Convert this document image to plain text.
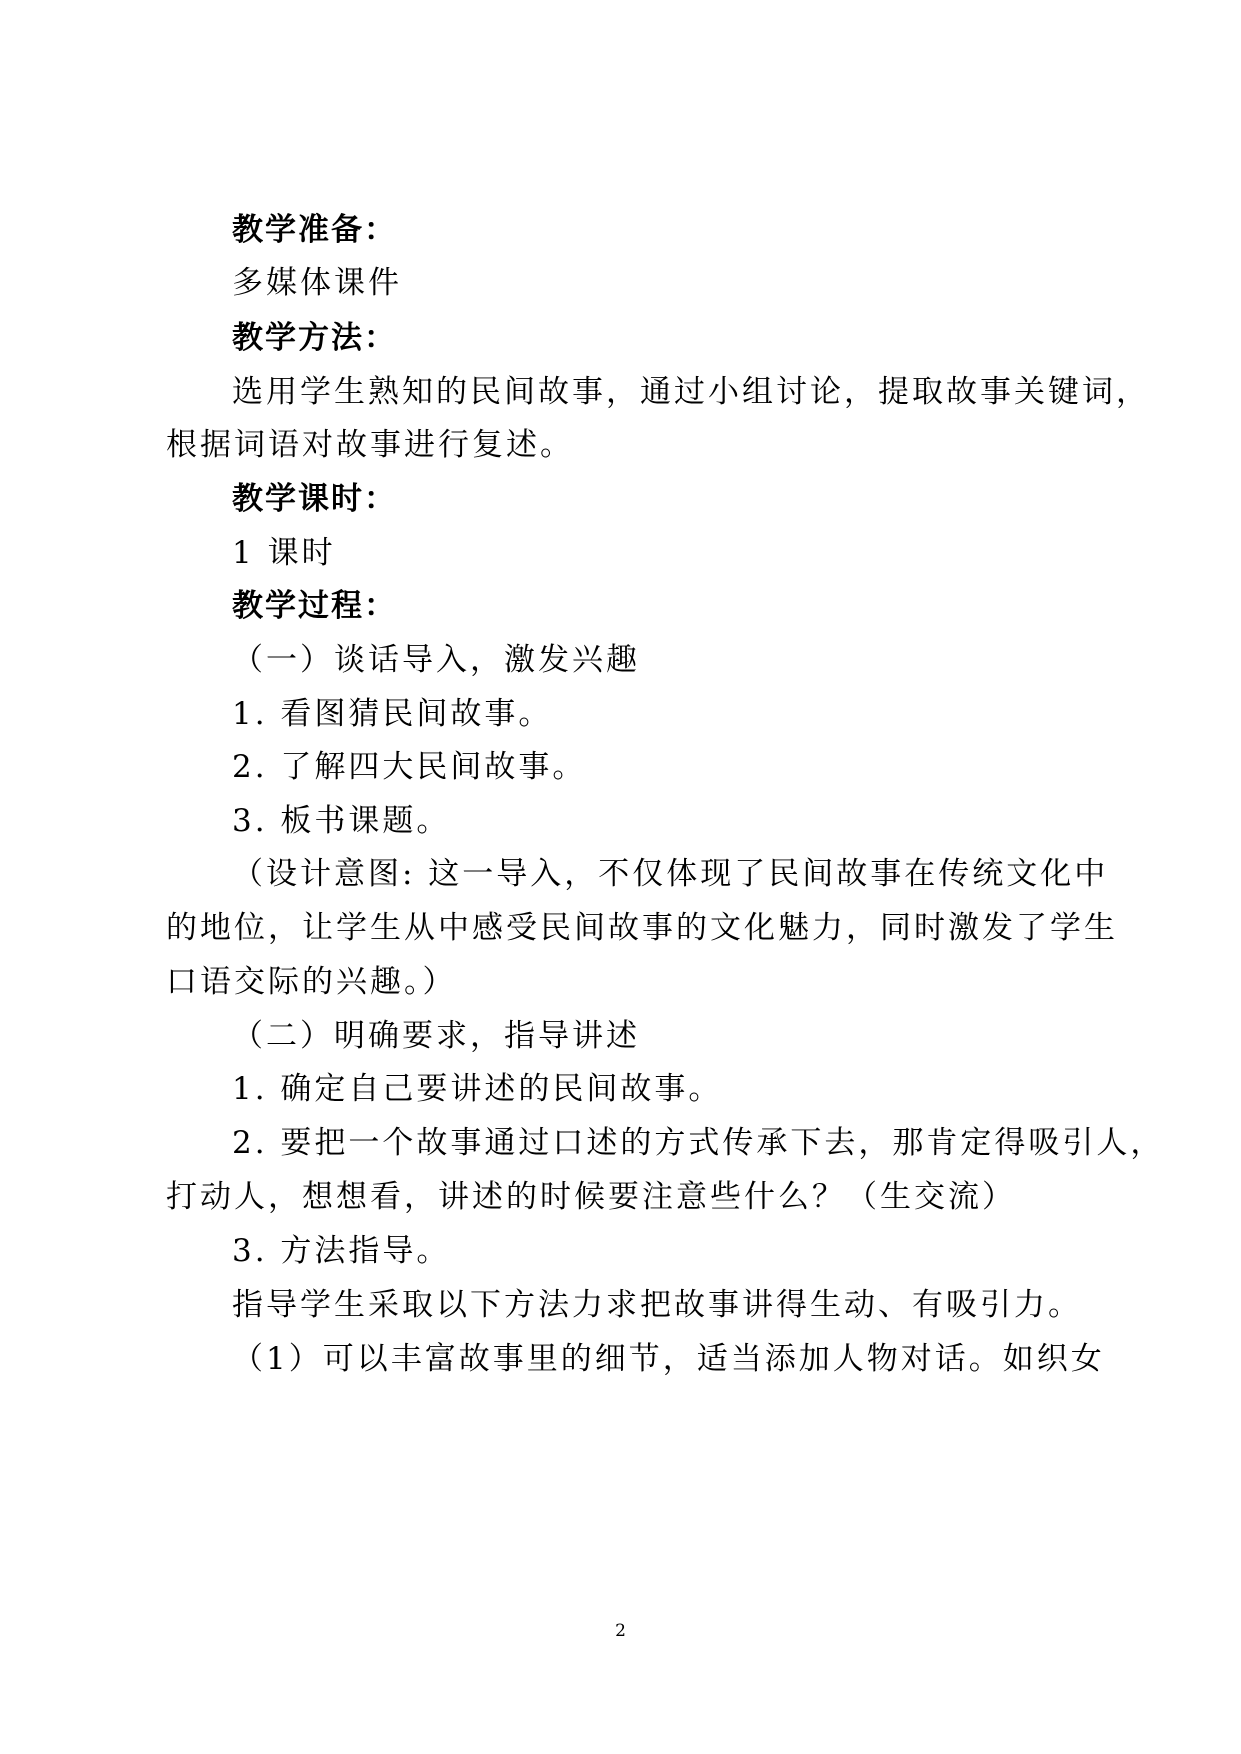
教学准备：
多媒体课件
教学方法：
选用学生熟知的民间故事，通过小组讨论，提取故事关键词，
根据词语对故事进行复述。
教学课时：
1 课时
教学过程：
（一）谈话导入，激发兴趣
1. 看图猜民间故事。
2. 了解四大民间故事。
3. 板书课题。
（设计意图: 这一导入，不仅体现了民间故事在传统文化中
的地位，让学生从中感受民间故事的文化魅力，同时激发了学生
口语交际的兴趣。）
（二）明确要求，指导讲述
1. 确定自己要讲述的民间故事。
2. 要把一个故事通过口述的方式传承下去，那肯定得吸引人，
打动人，想想看，讲述的时候要注意些什么？（生交流）
3. 方法指导。
指导学生采取以下方法力求把故事讲得生动、有吸引力。
（1）可以丰富故事里的细节，适当添加人物对话。如织女
2
